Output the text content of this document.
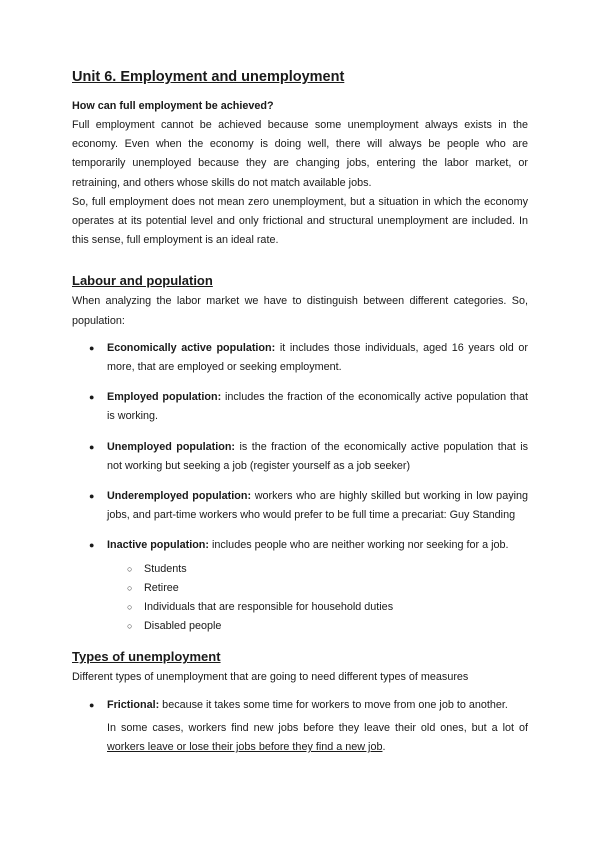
Unit 6. Employment and unemployment
How can full employment be achieved?

Full employment cannot be achieved because some unemployment always exists in the economy. Even when the economy is doing well, there will always be people who are temporarily unemployed because they are changing jobs, entering the labor market, or retraining, and others whose skills do not match available jobs.

So, full employment does not mean zero unemployment, but a situation in which the economy operates at its potential level and only frictional and structural unemployment are included. In this sense, full employment is an ideal rate.

Labour and population

When analyzing the labor market we have to distinguish between different categories. So, population:

● Economically active population: it includes those individuals, aged 16 years old or more, that are employed or seeking employment.
● Employed population: includes the fraction of the economically active population that is working.
● Unemployed population: is the fraction of the economically active population that is not working but seeking a job (register yourself as a job seeker)
● Underemployed population: workers who are highly skilled but working in low paying jobs, and part-time workers who would prefer to be full time a precariat: Guy Standing
● Inactive population: includes people who are neither working nor seeking for a job.
○ Students
○ Retiree
○ Individuals that are responsible for household duties
○ Disabled people
Types of unemployment

Different types of unemployment that are going to need different types of measures

● Frictional: because it takes some time for workers to move from one job to another.

In some cases, workers find new jobs before they leave their old ones, but a lot of workers leave or lose their jobs before they find a new job.
